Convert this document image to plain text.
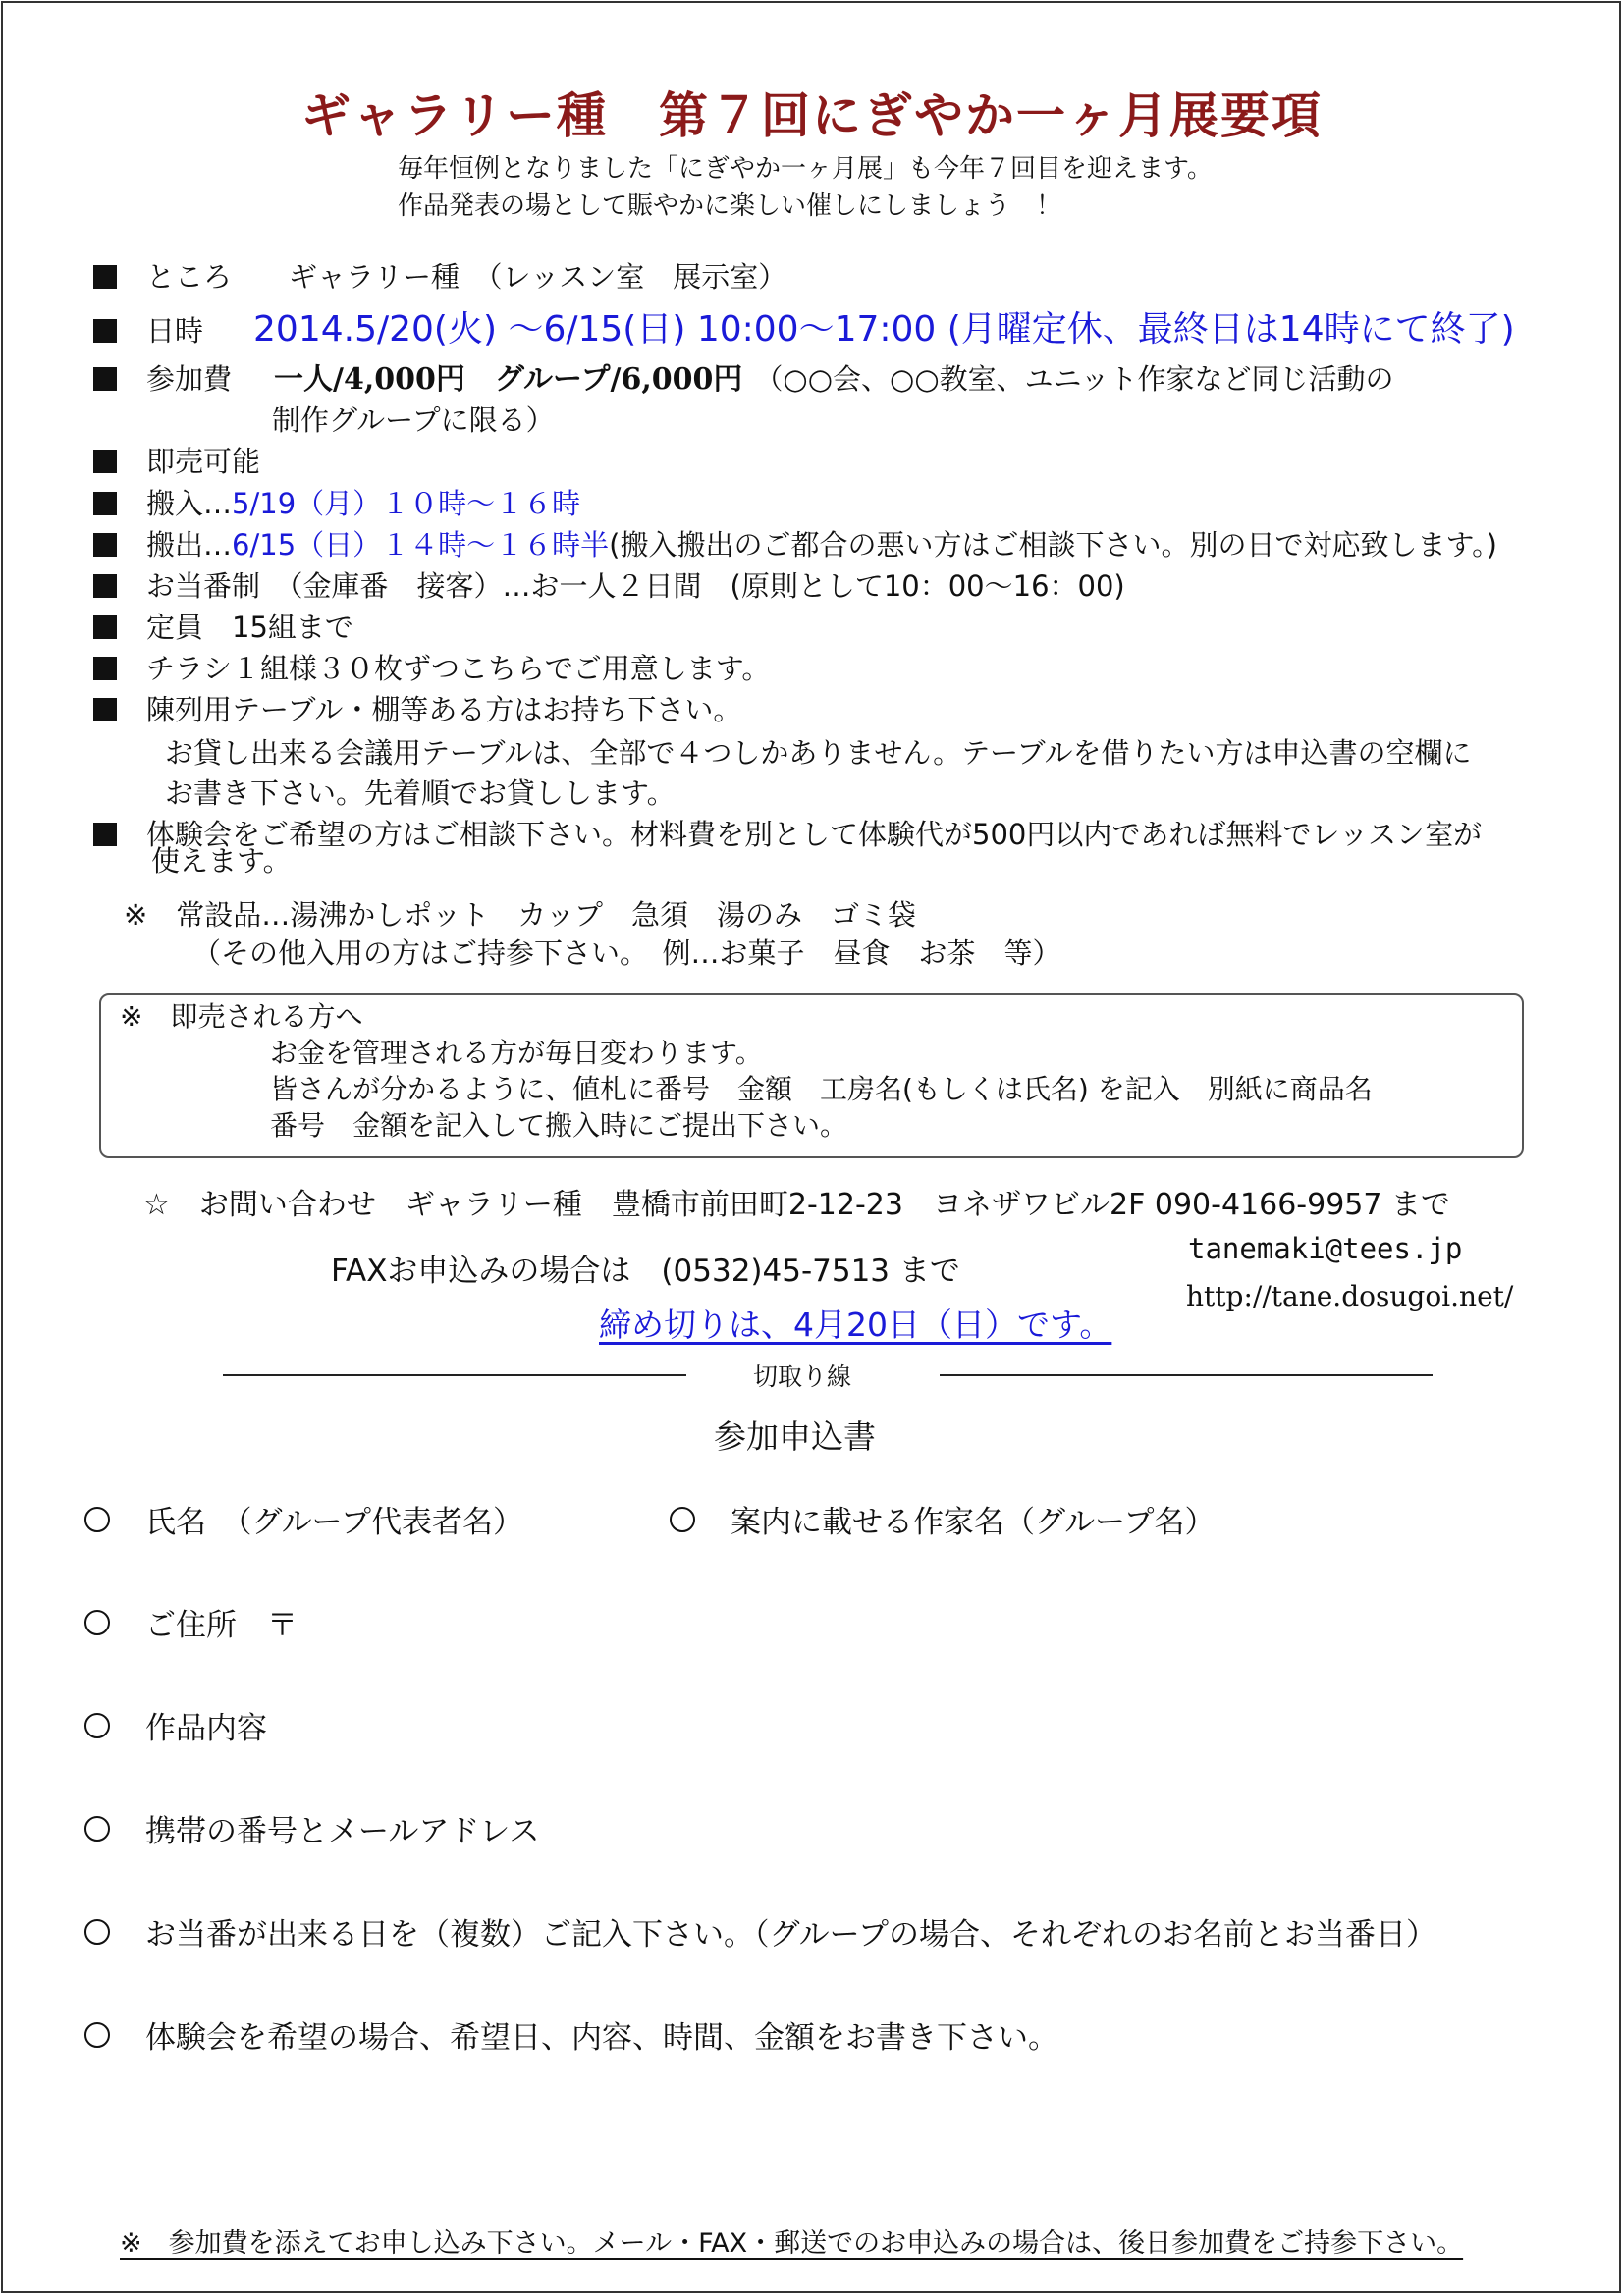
ギャラリー種　第７回にぎやか一ヶ月展要項
毎年恒例となりました「にぎやか一ヶ月展」も今年７回目を迎えます。
作品発表の場として賑やかに楽しい催しにしましょう　！
ところ　　ギャラリー種　（レッスン室　展示室）
日時　 2014.5/20(火) ～6/15(日) 10:00～17:00 (月曜定休、最終日は14時にて終了)
参加費　 一人/4,000円　グループ/6,000円 （○○会、○○教室、ユニット作家など同じ活動の
制作グループに限る）
即売可能
搬入… 5/19（月）１０時～１６時
搬出… 6/15（日）１４時～１６時半 (搬入搬出のご都合の悪い方はご相談下さい。別の日で対応致します。)
お当番制　（金庫番　接客）…お一人２日間　(原則として10：00～16：00)
定員　15組まで
チラシ１組様３０枚ずつこちらでご用意します。
陳列用テーブル・棚等ある方はお持ち下さい。
お貸し出来る会議用テーブルは、全部で４つしかありません。テーブルを借りたい方は申込書の空欄に
お書き下さい。先着順でお貸しします。
体験会をご希望の方はご相談下さい。材料費を別として体験代が500円以内であれば無料でレッスン室が
使えます。
※　常設品…湯沸かしポット　カップ　急須　湯のみ　ゴミ袋
（その他入用の方はご持参下さい。　例…お菓子　昼食　お茶　等）
※　即売される方へ
お金を管理される方が毎日変わります。
皆さんが分かるように、値札に番号　金額　工房名(もしくは氏名) を記入　別紙に商品名
番号　金額を記入して搬入時にご提出下さい。
☆　お問い合わせ　ギャラリー種　豊橋市前田町2-12-23　ヨネザワビル2F 090-4166-9957 まで
FAXお申込みの場合は　(0532)45-7513 まで
tanemaki@tees.jp
http://tane.dosugoi.net/
締め切りは、4月20日（日）です。
切取り線
参加申込書
氏名　（グループ代表者名）	案内に載せる作家名（グループ名）
ご住所　〒
作品内容
携帯の番号とメールアドレス
お当番が出来る日を（複数）ご記入下さい。（グループの場合、それぞれのお名前とお当番日）
体験会を希望の場合、希望日、内容、時間、金額をお書き下さい。
※　参加費を添えてお申し込み下さい。メール・FAX・郵送でのお申込みの場合は、後日参加費をご持参下さい。
